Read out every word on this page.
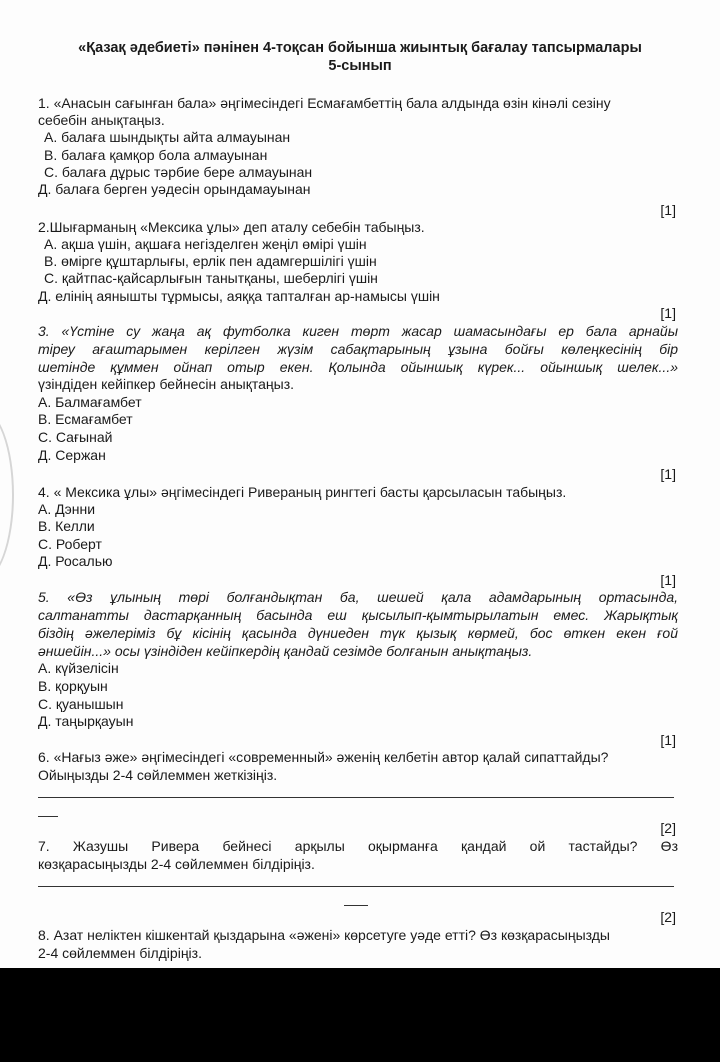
«Қазақ әдебиеті» пәнінен 4-тоқсан бойынша жиынтық бағалау тапсырмалары
5-сынып
1. «Анасын сағынған бала» әңгімесіндегі Есмағамбеттің бала алдында өзін кінәлі сезіну
себебін анықтаңыз.
А. балаға шындықты айта алмауынан
В. балаға қамқор бола алмауынан
С. балаға дұрыс тәрбие бере алмауынан
Д. балаға берген уәдесін орындамауынан
[1]
2.Шығарманың «Мексика ұлы» деп аталу себебін табыңыз.
А. ақша үшін, ақшаға негізделген жеңіл өмірі үшін
В. өмірге құштарлығы, ерлік пен адамгершілігі үшін
С. қайтпас-қайсарлығын танытқаны, шеберлігі үшін
Д. елінің аянышты тұрмысы, аяққа тапталған ар-намысы үшін
[1]
3. «Үстіне су жаңа ақ футболка киген төрт жасар шамасындағы ер бала арнайы
тіреу ағаштарымен керілген жүзім сабақтарының ұзына бойғы көлеңкесінің бір
шетінде құммен ойнап отыр екен. Қолында ойыншық күрек... ойыншық шелек...»
үзіндіден кейіпкер бейнесін анықтаңыз.
А. Балмағамбет
В. Есмағамбет
С. Сағынай
Д. Сержан
[1]
4. « Мексика ұлы» әңгімесіндегі Ривераның рингтегі басты қарсыласын табыңыз.
А. Дэнни
В. Келли
С. Роберт
Д. Росалью
[1]
5. «Өз ұлының төрі болғандықтан ба, шешей қала адамдарының ортасында,
салтанатты дастарқанның басында еш қысылып-қымтырылатын емес. Жарықтық
біздің әжелеріміз бұ кісінің қасында дүниеден түк қызық көрмей, бос өткен екен ғой
әншейін...» осы үзіндіден кейіпкердің қандай сезімде болғанын анықтаңыз.
А. күйзелісін
В. қорқуын
С. қуанышын
Д. таңырқауын
[1]
6. «Нағыз әже» әңгімесіндегі «современный» әженің келбетін автор қалай сипаттайды?
Ойыңызды 2-4 сөйлеммен жеткізіңіз.
[2]
7. Жазушы Ривера бейнесі арқылы оқырманға қандай ой тастайды? Өз
көзқарасыңызды 2-4 сөйлеммен білдіріңіз.
[2]
8. Азат неліктен кішкентай қыздарына «әжені» көрсетуге уәде етті? Өз көзқарасыңызды
2-4 сөйлеммен білдіріңіз.
